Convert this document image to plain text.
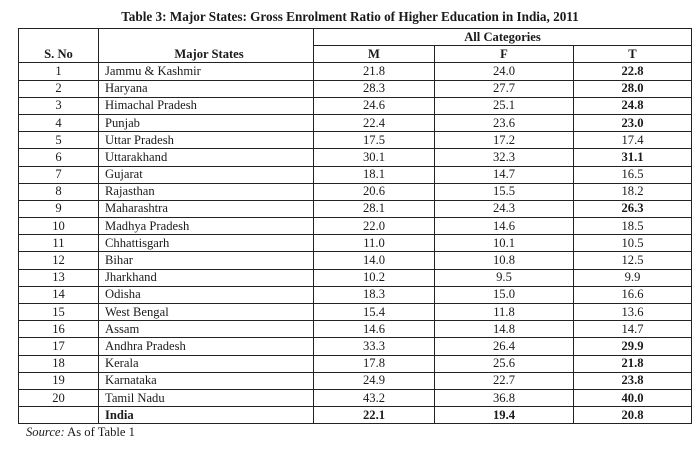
Table 3: Major States: Gross Enrolment Ratio of Higher Education in India, 2011
S. No	Major States	All Categories		
		M	F	T
1	Jammu & Kashmir	21.8	24.0	22.8
2	Haryana	28.3	27.7	28.0
3	Himachal Pradesh	24.6	25.1	24.8
4	Punjab	22.4	23.6	23.0
5	Uttar Pradesh	17.5	17.2	17.4
6	Uttarakhand	30.1	32.3	31.1
7	Gujarat	18.1	14.7	16.5
8	Rajasthan	20.6	15.5	18.2
9	Maharashtra	28.1	24.3	26.3
10	Madhya Pradesh	22.0	14.6	18.5
11	Chhattisgarh	11.0	10.1	10.5
12	Bihar	14.0	10.8	12.5
13	Jharkhand	10.2	9.5	9.9
14	Odisha	18.3	15.0	16.6
15	West Bengal	15.4	11.8	13.6
16	Assam	14.6	14.8	14.7
17	Andhra Pradesh	33.3	26.4	29.9
18	Kerala	17.8	25.6	21.8
19	Karnataka	24.9	22.7	23.8
20	Tamil Nadu	43.2	36.8	40.0
	India	22.1	19.4	20.8
Source: As of Table 1
